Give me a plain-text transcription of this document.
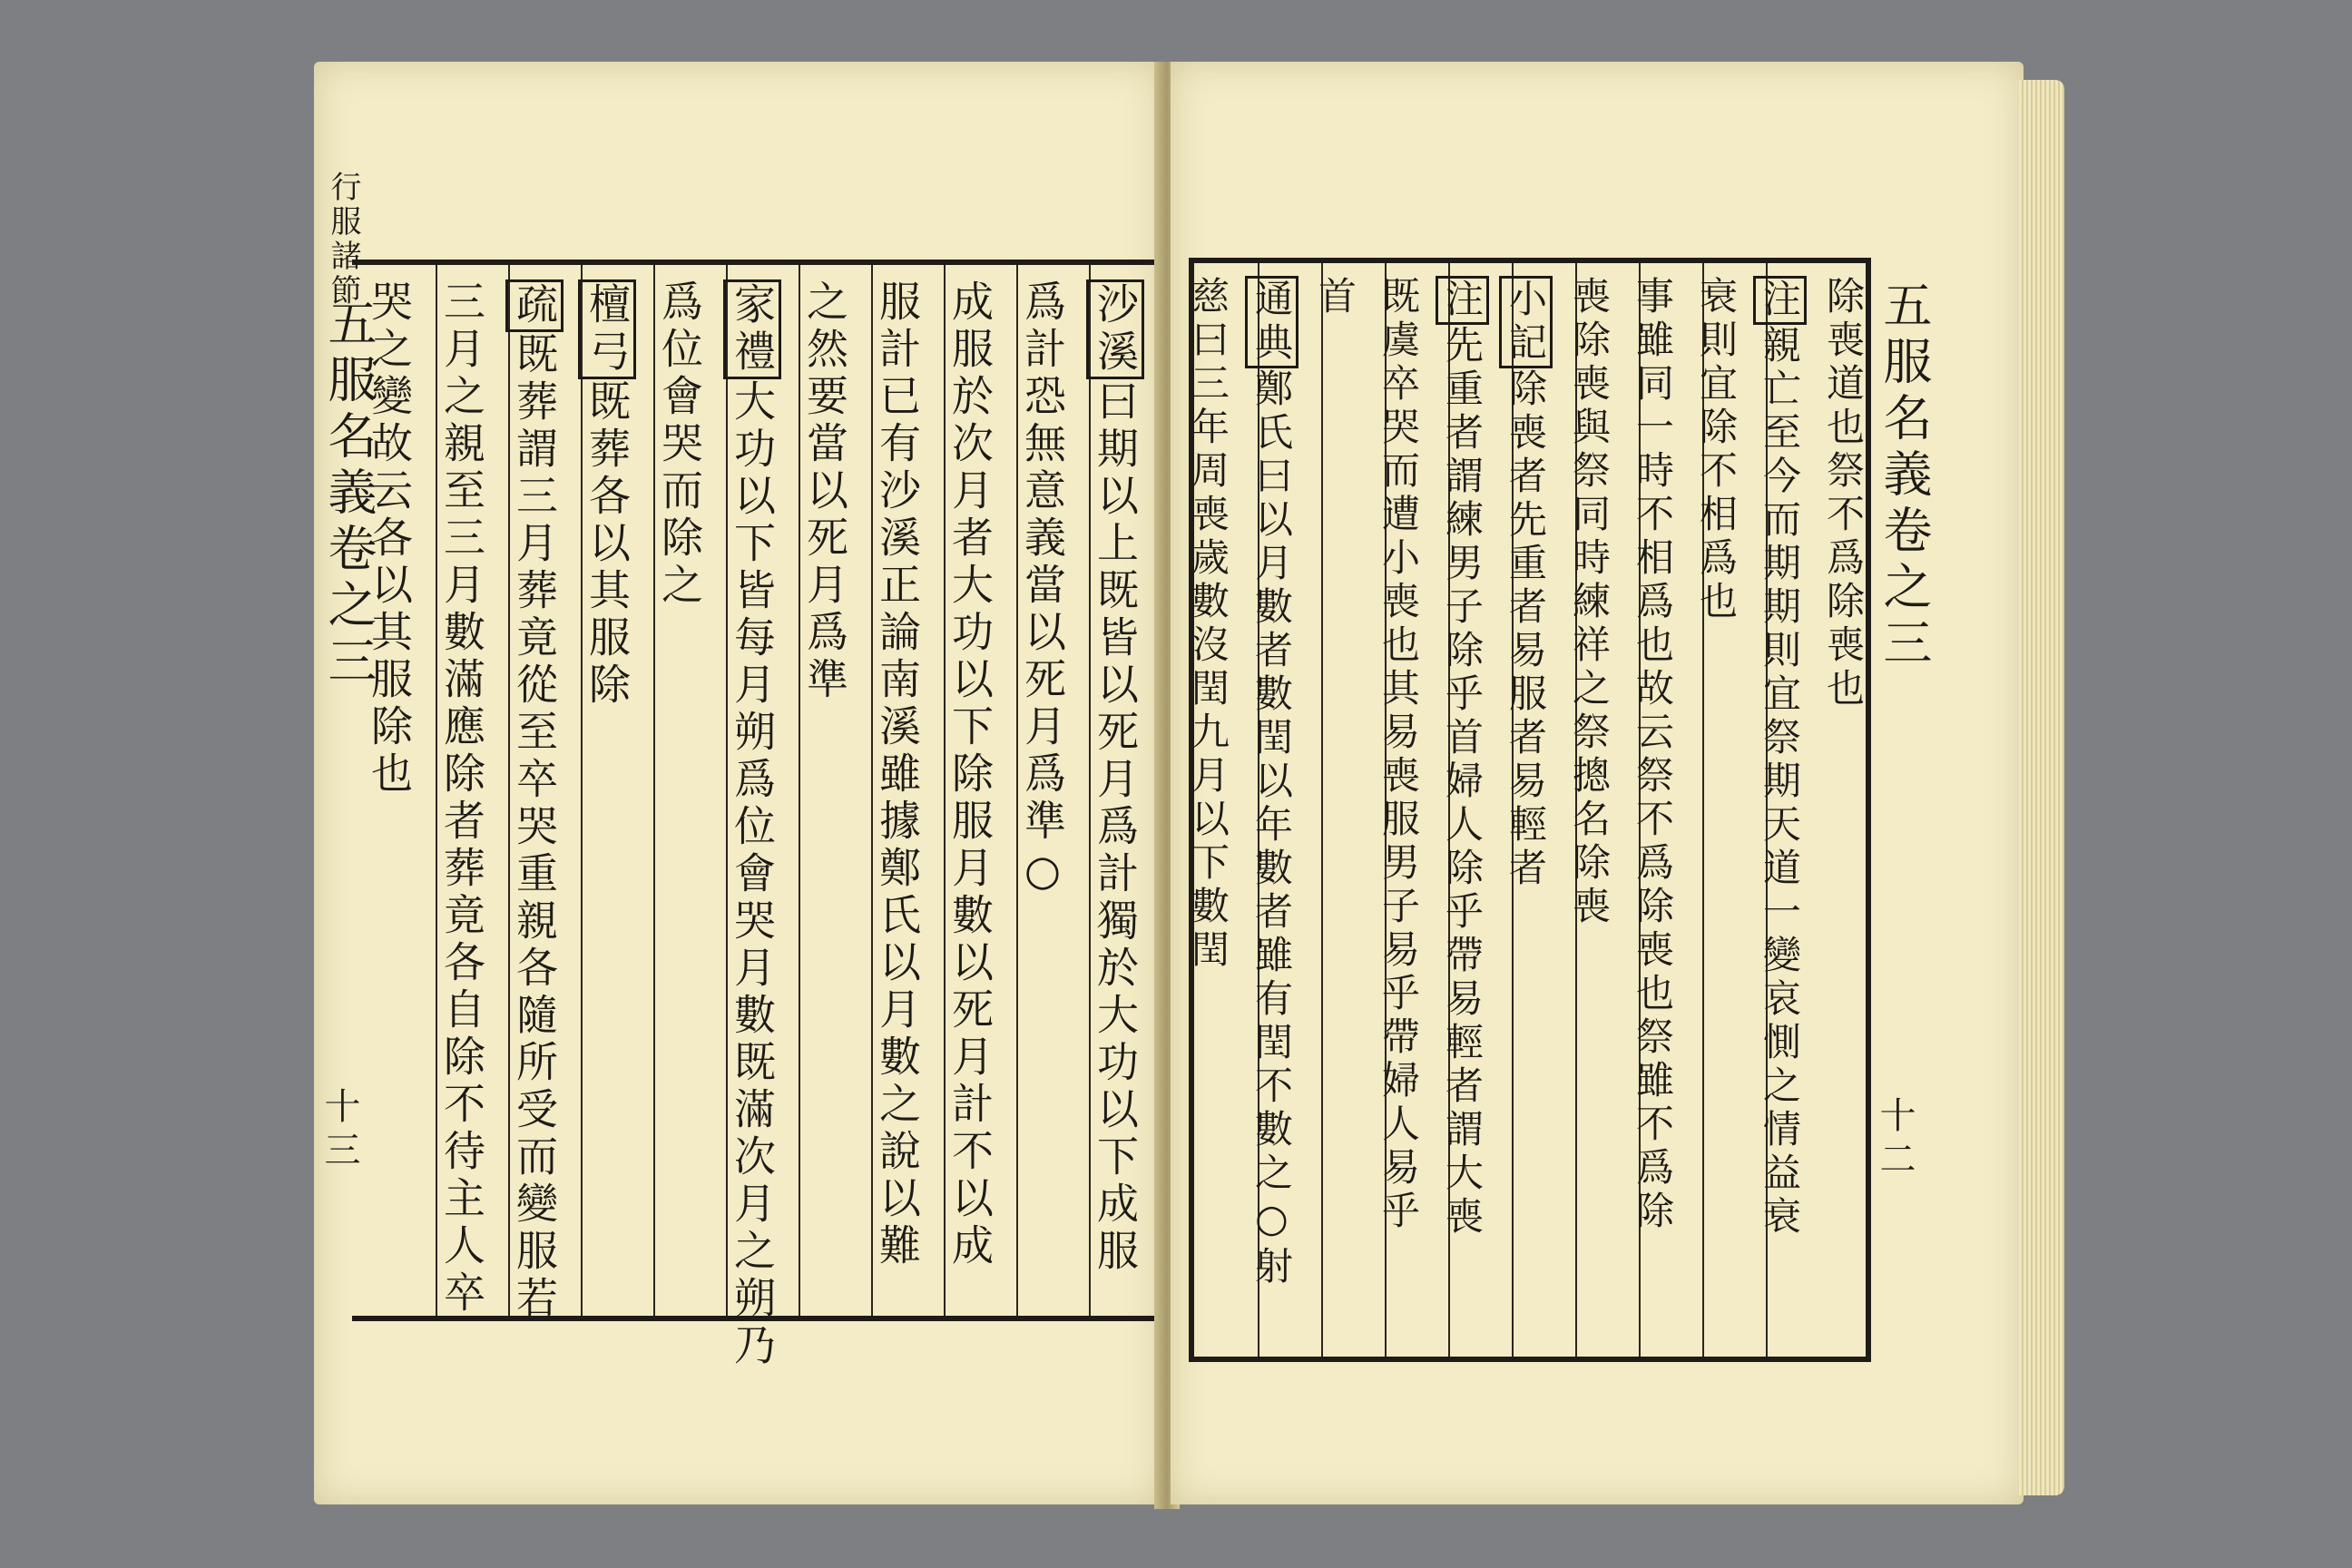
行服諸節
五服名義卷之三
十三
沙溪曰期以上既皆以死月爲計獨於大功以下成服
爲計恐無意義當以死月爲準○
成服於次月者大功以下除服月數以死月計不以成
服計已有沙溪正論南溪雖據鄭氏以月數之說以難
之然要當以死月爲準
家禮大功以下皆每月朔爲位會哭月數既滿次月之朔乃
爲位會哭而除之
檀弓既葬各以其服除
疏既葬謂三月葬竟從至卒哭重親各隨所受而變服若
三月之親至三月數滿應除者葬竟各自除不待主人卒
哭之變故云各以其服除也	五服名義卷之三
十二
除喪道也祭不爲除喪也
注親亡至今而期期則宜祭期天道一變哀惻之情益衰
衰則宜除不相爲也
事雖同一時不相爲也故云祭不爲除喪也祭雖不爲除
喪除喪與祭同時練祥之祭摠名除喪
小記除喪者先重者易服者易輕者
注先重者謂練男子除乎首婦人除乎帶易輕者謂大喪
既虞卒哭而遭小喪也其易喪服男子易乎帶婦人易乎
首
通典鄭氏曰以月數者數閏以年數者雖有閏不數之○射
慈曰三年周喪歲數沒閏九月以下數閏
